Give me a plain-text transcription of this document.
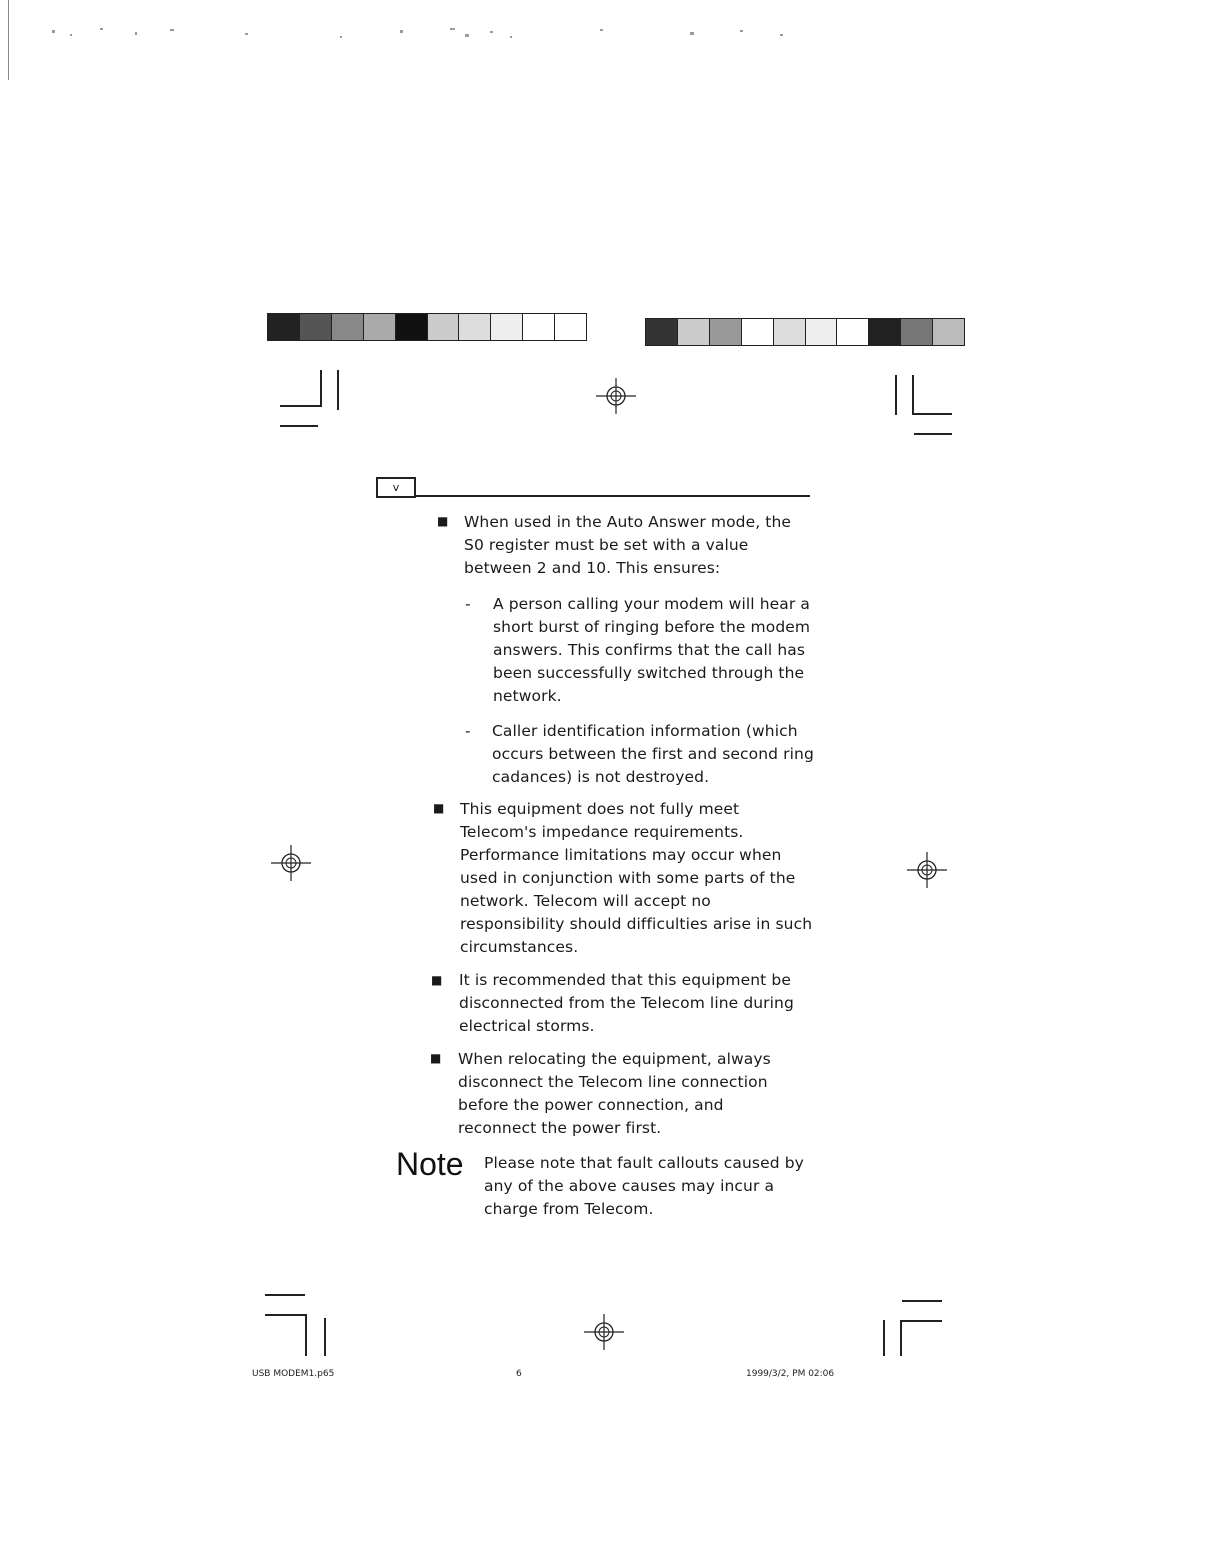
v
■ When used in the Auto Answer mode, the S0 register must be set with a value between 2 and 10. This ensures:
- A person calling your modem will hear a short burst of ringing before the modem answers. This confirms that the call has been successfully switched through the network.
- Caller identification information (which occurs between the first and second ring cadances) is not destroyed.
■ This equipment does not fully meet Telecom's impedance requirements. Performance limitations may occur when used in conjunction with some parts of the network. Telecom will accept no responsibility should difficulties arise in such circumstances.
■ It is recommended that this equipment be disconnected from the Telecom line during electrical storms.
■ When relocating the equipment, always disconnect the Telecom line connection before the power connection, and reconnect the power first.
Note Please note that fault callouts caused by any of the above causes may incur a charge from Telecom.
USB MODEM1.p65	6	1999/3/2, PM 02:06
